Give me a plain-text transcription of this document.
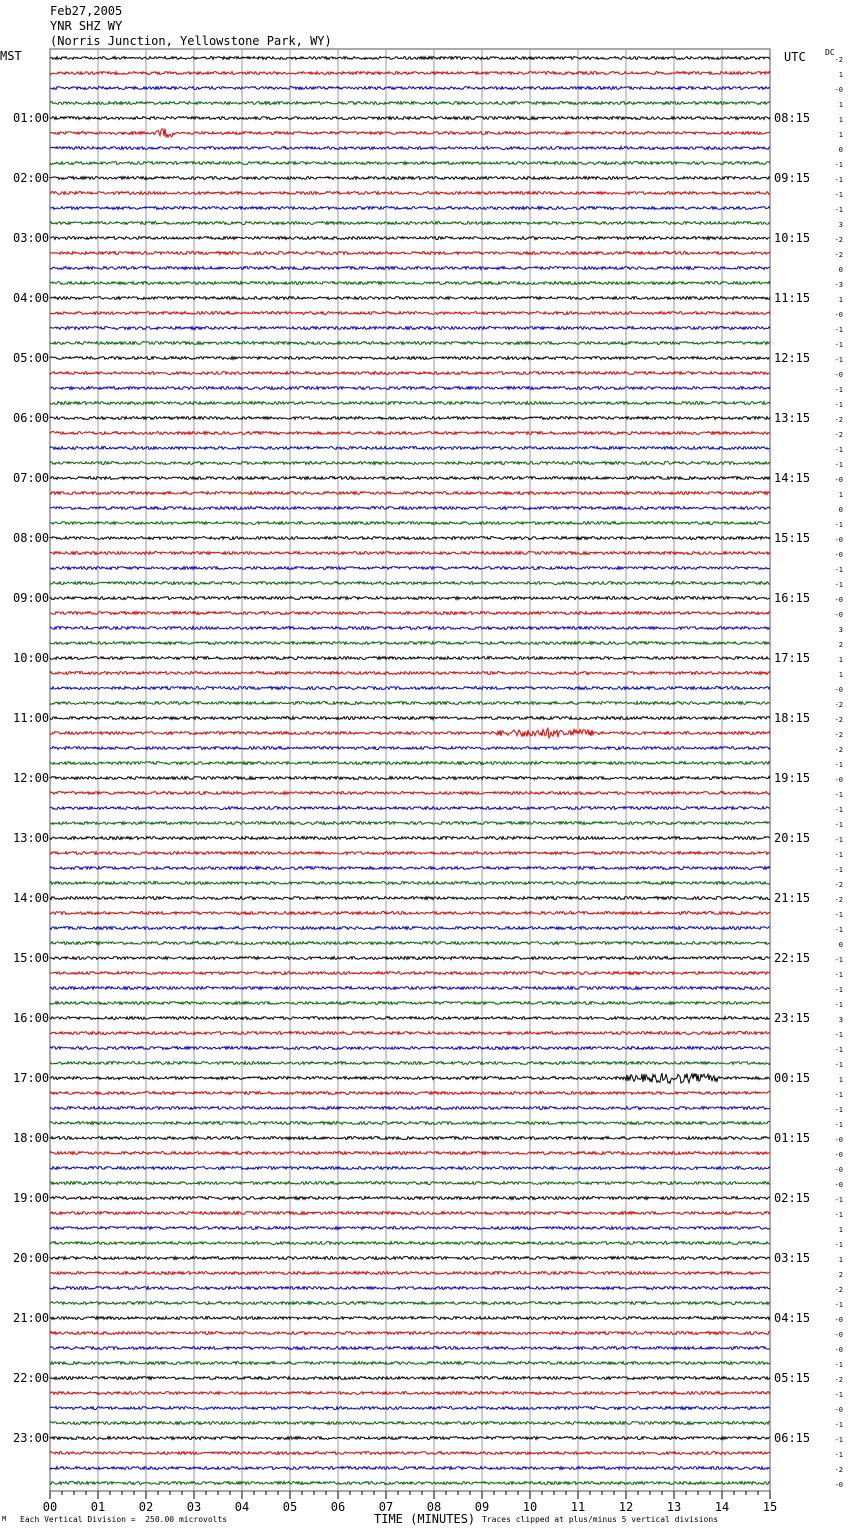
Feb27,2005
YNR SHZ WY
(Norris Junction, Yellowstone Park, WY)
MST	UTC DC
-2
1
-0
1
1
1
0
-1
-1
-1
-1
3
-2
-2
0
-3
1
-0
-1
-1
-1
-0
-1
-1
-2
-2
-1
-1
-0
1
0
-1
-0
-0
-1
-1
-0
-0
3
2
1
1
-0
-2
-2
-2
-2
-1
-0
-1
-1
-1
-1
-1
-1
-2
-2
-1
-1
0
-1
-1
-1
-1
3
-1
-1
-1
1
-1
-1
-1
-0
-0
-0
-0
-1
-1
1
-1
1
2
-2
-1
-0
-0
-0
-1
-2
-1
-0
-1
-1
-1
-2
-0
01:00	08:15
02:00	09:15
03:00	10:15
04:00	11:15
05:00	12:15
06:00	13:15
07:00	14:15
08:00	15:15
09:00	16:15
10:00	17:15
11:00	18:15
12:00	19:15
13:00	20:15
14:00	21:15
15:00	22:15
16:00	23:15
17:00	00:15
18:00	01:15
19:00	02:15
20:00	03:15
21:00	04:15
22:00	05:15
23:00	06:15
00	01	02	03	04	05	06	07	08	09	10	11	12	13	14	15
M Each Vertical Division =  250.00 microvolts	TIME (MINUTES) Traces clipped at plus/minus 5 vertical divisions
